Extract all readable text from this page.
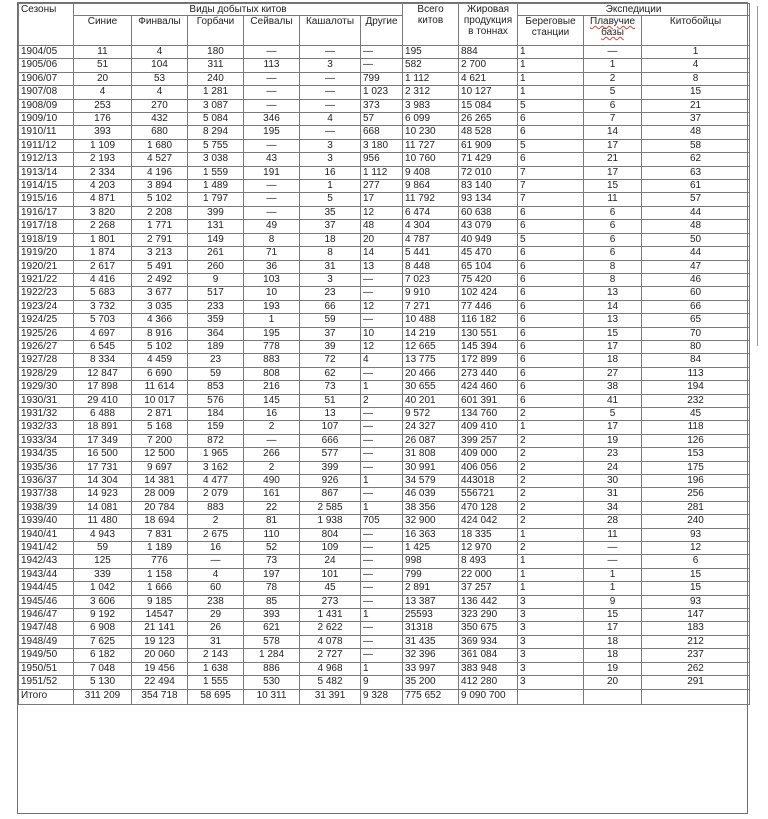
Сезоны	Виды добытых китов						Всего китов	Жировая продукция в тоннах	Экспедиции		
	Синие	Финвалы	Горбачи	Сейвалы	Кашалоты	Другие			Береговые станции	Плавучие базы	Китобойцы
1904/05	11	4	180	—	—	—	195	884	1	—	1
1905/06	51	104	311	113	3	—	582	2 700	1	1	4
1906/07	20	53	240	—	—	799	1 112	4 621	1	2	8
1907/08	4	4	1 281	—	—	1 023	2 312	10 127	1	5	15
1908/09	253	270	3 087	—	—	373	3 983	15 084	5	6	21
1909/10	176	432	5 084	346	4	57	6 099	26 265	6	7	37
1910/11	393	680	8 294	195	—	668	10 230	48 528	6	14	48
1911/12	1 109	1 680	5 755	—	3	3 180	11 727	61 909	5	17	58
1912/13	2 193	4 527	3 038	43	3	956	10 760	71 429	6	21	62
1913/14	2 334	4 196	1 559	191	16	1 112	9 408	72 010	7	17	63
1914/15	4 203	3 894	1 489	—	1	277	9 864	83 140	7	15	61
1915/16	4 871	5 102	1 797	—	5	17	11 792	93 134	7	11	57
1916/17	3 820	2 208	399	—	35	12	6 474	60 638	6	6	44
1917/18	2 268	1 771	131	49	37	48	4 304	43 079	6	6	48
1918/19	1 801	2 791	149	8	18	20	4 787	40 949	5	6	50
1919/20	1 874	3 213	261	71	8	14	5 441	45 470	6	6	44
1920/21	2 617	5 491	260	36	31	13	8 448	65 104	6	8	47
1921/22	4 416	2 492	9	103	3	—	7 023	75 420	6	8	46
1922/23	5 683	3 677	517	10	23	—	9 910	102 424	6	13	60
1923/24	3 732	3 035	233	193	66	12	7 271	77 446	6	14	66
1924/25	5 703	4 366	359	1	59	—	10 488	116 182	6	13	65
1925/26	4 697	8 916	364	195	37	10	14 219	130 551	6	15	70
1926/27	6 545	5 102	189	778	39	12	12 665	145 394	6	17	80
1927/28	8 334	4 459	23	883	72	4	13 775	172 899	6	18	84
1928/29	12 847	6 690	59	808	62	—	20 466	273 440	6	27	113
1929/30	17 898	11 614	853	216	73	1	30 655	424 460	6	38	194
1930/31	29 410	10 017	576	145	51	2	40 201	601 391	6	41	232
1931/32	6 488	2 871	184	16	13	—	9 572	134 760	2	5	45
1932/33	18 891	5 168	159	2	107	—	24 327	409 410	1	17	118
1933/34	17 349	7 200	872	—	666	—	26 087	399 257	2	19	126
1934/35	16 500	12 500	1 965	266	577	—	31 808	409 000	2	23	153
1935/36	17 731	9 697	3 162	2	399	—	30 991	406 056	2	24	175
1936/37	14 304	14 381	4 477	490	926	1	34 579	443018	2	30	196
1937/38	14 923	28 009	2 079	161	867	—	46 039	556721	2	31	256
1938/39	14 081	20 784	883	22	2 585	1	38 356	470 128	2	34	281
1939/40	11 480	18 694	2	81	1 938	705	32 900	424 042	2	28	240
1940/41	4 943	7 831	2 675	110	804	—	16 363	18 335	1	11	93
1941/42	59	1 189	16	52	109	—	1 425	12 970	2	—	12
1942/43	125	776	—	73	24	—	998	8 493	1	—	6
1943/44	339	1 158	4	197	101	—	799	22 000	1	1	15
1944/45	1 042	1 666	60	78	45	—	2 891	37 257	1	1	15
1945/46	3 606	9 185	238	85	273	—	13 387	136 442	3	9	93
1946/47	9 192	14547	29	393	1 431	1	25593	323 290	3	15	147
1947/48	6 908	21 141	26	621	2 622	—	31318	350 675	3	17	183
1948/49	7 625	19 123	31	578	4 078	—	31 435	369 934	3	18	212
1949/50	6 182	20 060	2 143	1 284	2 727	—	32 396	361 084	3	18	237
1950/51	7 048	19 456	1 638	886	4 968	1	33 997	383 948	3	19	262
1951/52	5 130	22 494	1 555	530	5 482	9	35 200	412 280	3	20	291
Итого	311 209	354 718	58 695	10 311	31 391	9 328	775 652	9 090 700			
